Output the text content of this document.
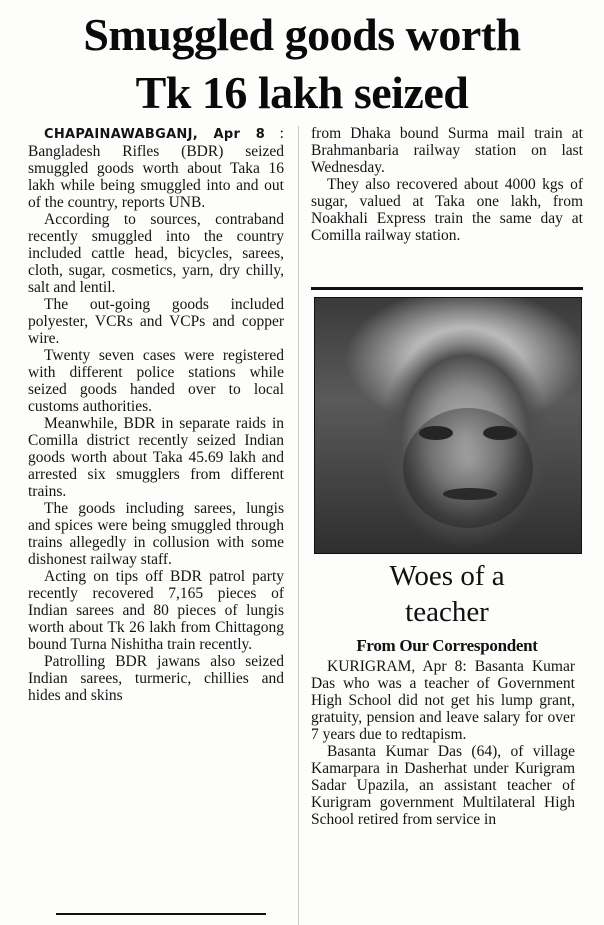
Smuggled goods worth
Tk 16 lakh seized

CHAPAINAWABGANJ, Apr 8 : Bangladesh Rifles (BDR) seized smuggled goods worth about Taka 16 lakh while being smuggled into and out of the country, reports UNB.

According to sources, contraband recently smuggled into the country included cattle head, bicycles, sarees, cloth, sugar, cosmetics, yarn, dry chilly, salt and lentil.

The out-going goods included polyester, VCRs and VCPs and copper wire.

Twenty seven cases were registered with different police stations while seized goods handed over to local customs authorities.

Meanwhile, BDR in separate raids in Comilla district recently seized Indian goods worth about Taka 45.69 lakh and arrested six smugglers from different trains.

The goods including sarees, lungis and spices were being smuggled through trains allegedly in collusion with some dishonest railway staff.

Acting on tips off BDR patrol party recently recovered 7,165 pieces of Indian sarees and 80 pieces of lungis worth about Tk 26 lakh from Chittagong bound Turna Nishitha train recently.

Patrolling BDR jawans also seized Indian sarees, turmeric, chillies and hides and skins

from Dhaka bound Surma mail train at Brahmanbaria railway station on last Wednesday.

They also recovered about 4000 kgs of sugar, valued at Taka one lakh, from Noakhali Express train the same day at Comilla railway station.

Woes of a
teacher
From Our Correspondent

KURIGRAM, Apr 8: Basanta Kumar Das who was a teacher of Government High School did not get his lump grant, gratuity, pension and leave salary for over 7 years due to redtapism.

Basanta Kumar Das (64), of village Kamarpara in Dasherhat under Kurigram Sadar Upazila, an assistant teacher of Kurigram government Multilateral High School retired from service in
